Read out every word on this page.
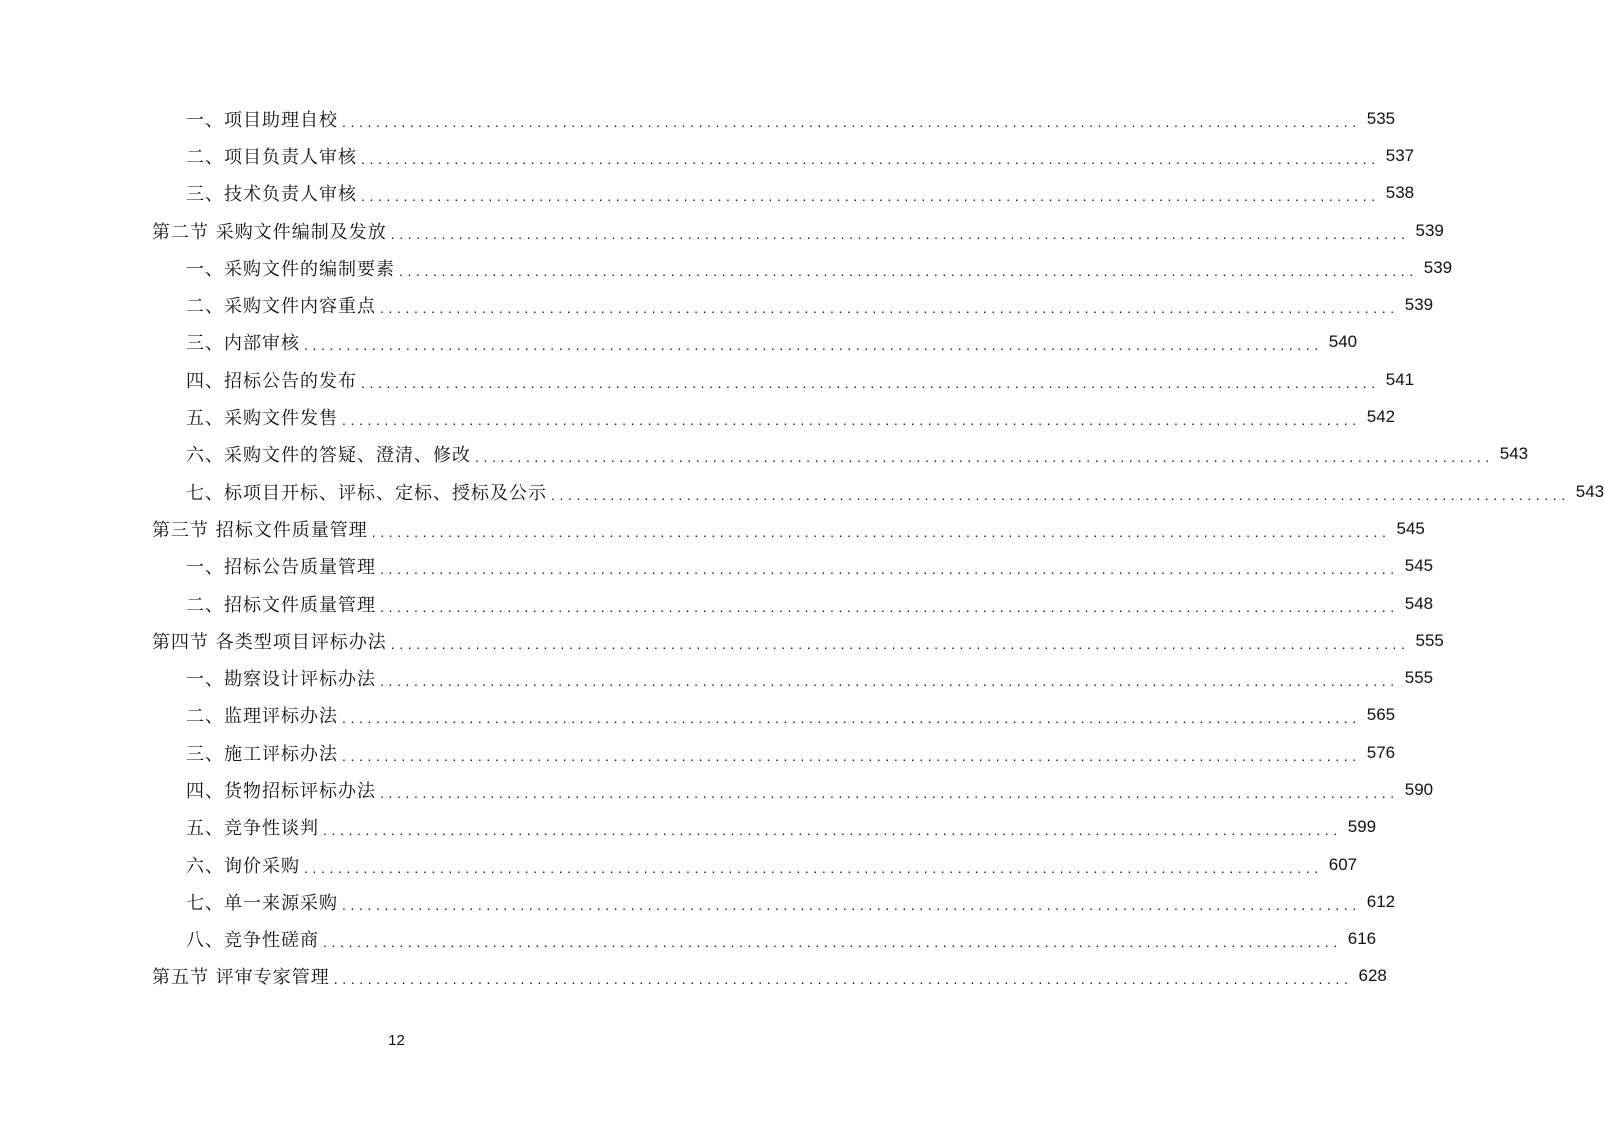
一、项目助理自校 ........................................................................................................................ 535
二、项目负责人审核 ........................................................................................................................ 537
三、技术负责人审核 ........................................................................................................................ 538
第二节 采购文件编制及发放 ........................................................................................................................ 539
一、采购文件的编制要素 ........................................................................................................................ 539
二、采购文件内容重点 ........................................................................................................................ 539
三、内部审核 ........................................................................................................................ 540
四、招标公告的发布 ........................................................................................................................ 541
五、采购文件发售 ........................................................................................................................ 542
六、采购文件的答疑、澄清、修改 ........................................................................................................................ 543
七、标项目开标、评标、定标、授标及公示 ........................................................................................................................ 543
第三节 招标文件质量管理 ........................................................................................................................ 545
一、招标公告质量管理 ........................................................................................................................ 545
二、招标文件质量管理 ........................................................................................................................ 548
第四节 各类型项目评标办法 ........................................................................................................................ 555
一、勘察设计评标办法 ........................................................................................................................ 555
二、监理评标办法 ........................................................................................................................ 565
三、施工评标办法 ........................................................................................................................ 576
四、货物招标评标办法 ........................................................................................................................ 590
五、竞争性谈判 ........................................................................................................................ 599
六、询价采购 ........................................................................................................................ 607
七、单一来源采购 ........................................................................................................................ 612
八、竞争性磋商 ........................................................................................................................ 616
第五节 评审专家管理 ........................................................................................................................ 628
12
